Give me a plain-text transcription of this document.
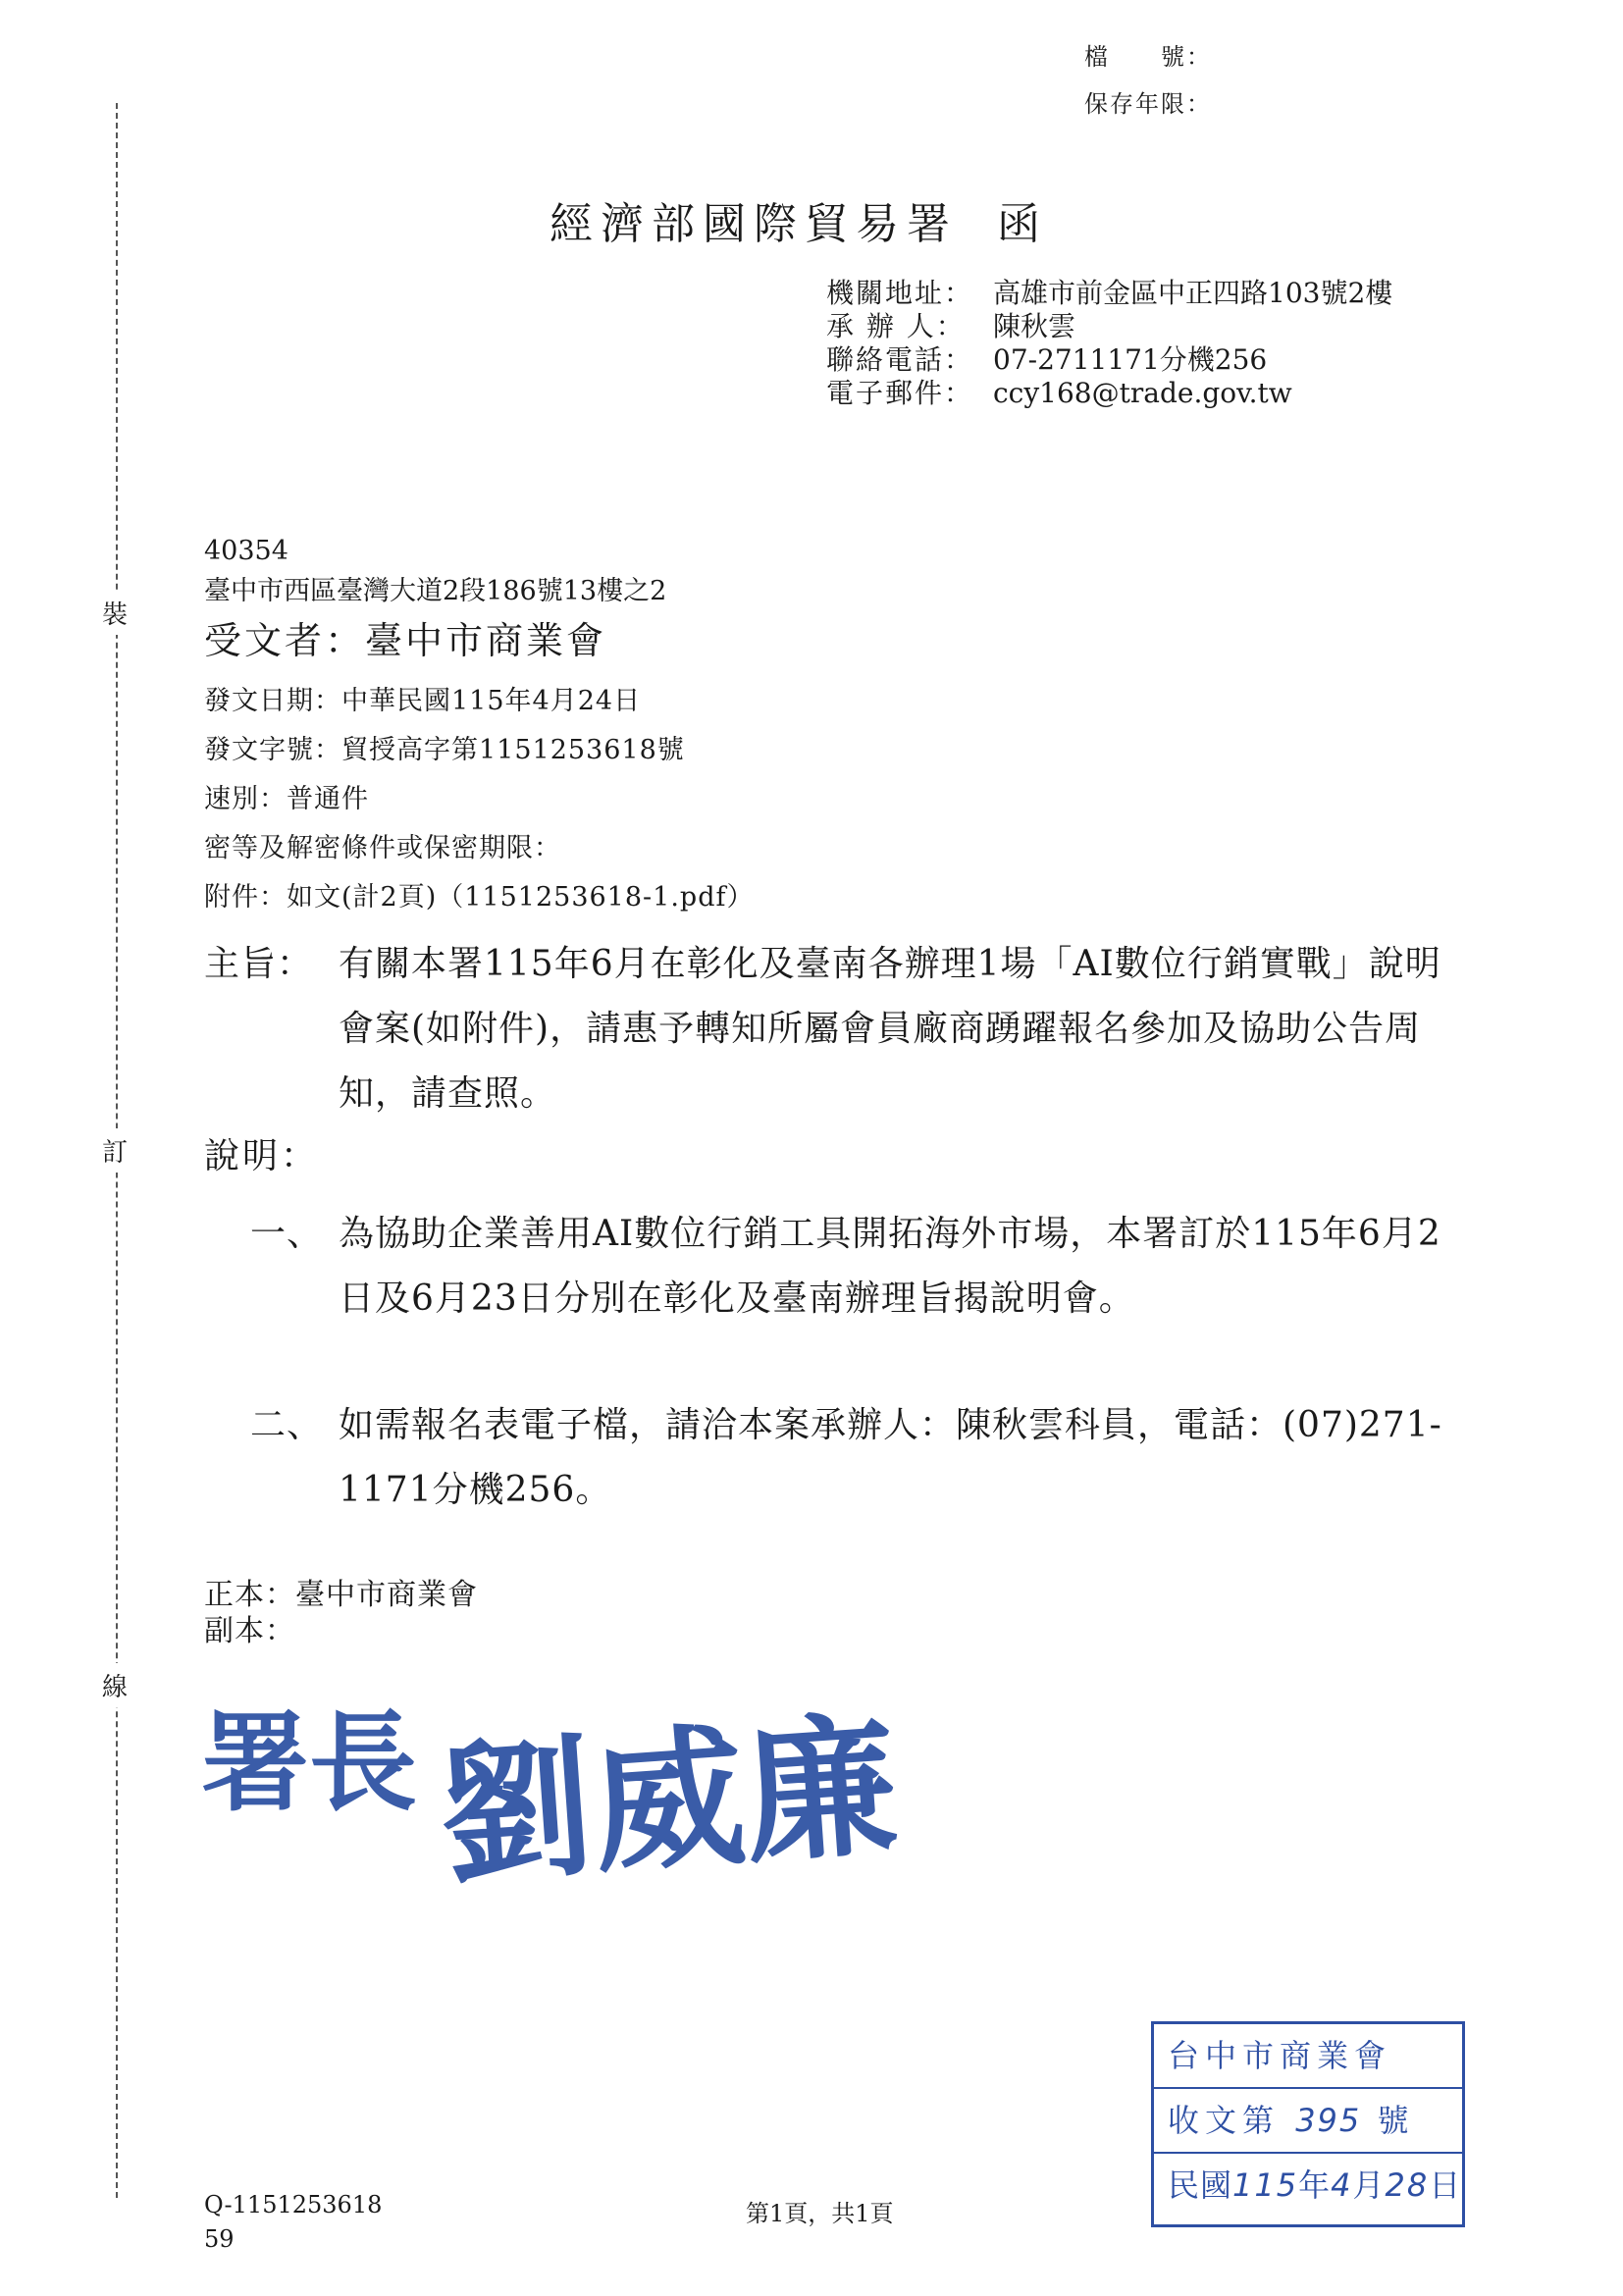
檔　　號：
保存年限：
裝
訂
線
經濟部國際貿易署 函
機關地址： 高雄市前金區中正四路103號2樓
承 辦 人： 陳秋雲
聯絡電話： 07-2711171分機256
電子郵件： ccy168@trade.gov.tw
40354
臺中市西區臺灣大道2段186號13樓之2
受文者：臺中市商業會
發文日期：中華民國115年4月24日
發文字號：貿授高字第1151253618號
速別：普通件
密等及解密條件或保密期限：
附件：如文(計2頁)（1151253618-1.pdf）
主旨： 有關本署115年6月在彰化及臺南各辦理1場「AI數位行銷實戰」說明會案(如附件)，請惠予轉知所屬會員廠商踴躍報名參加及協助公告周知，請查照。
說明：
一、 為協助企業善用AI數位行銷工具開拓海外市場，本署訂於115年6月2日及6月23日分別在彰化及臺南辦理旨揭說明會。
二、 如需報名表電子檔，請洽本案承辦人：陳秋雲科員，電話：(07)271-1171分機256。
正本：臺中市商業會
副本：
署長 劉威廉
台中市商業會
收文第 395 號
民國115年4月28日
Q-1151253618
59
第1頁，共1頁
